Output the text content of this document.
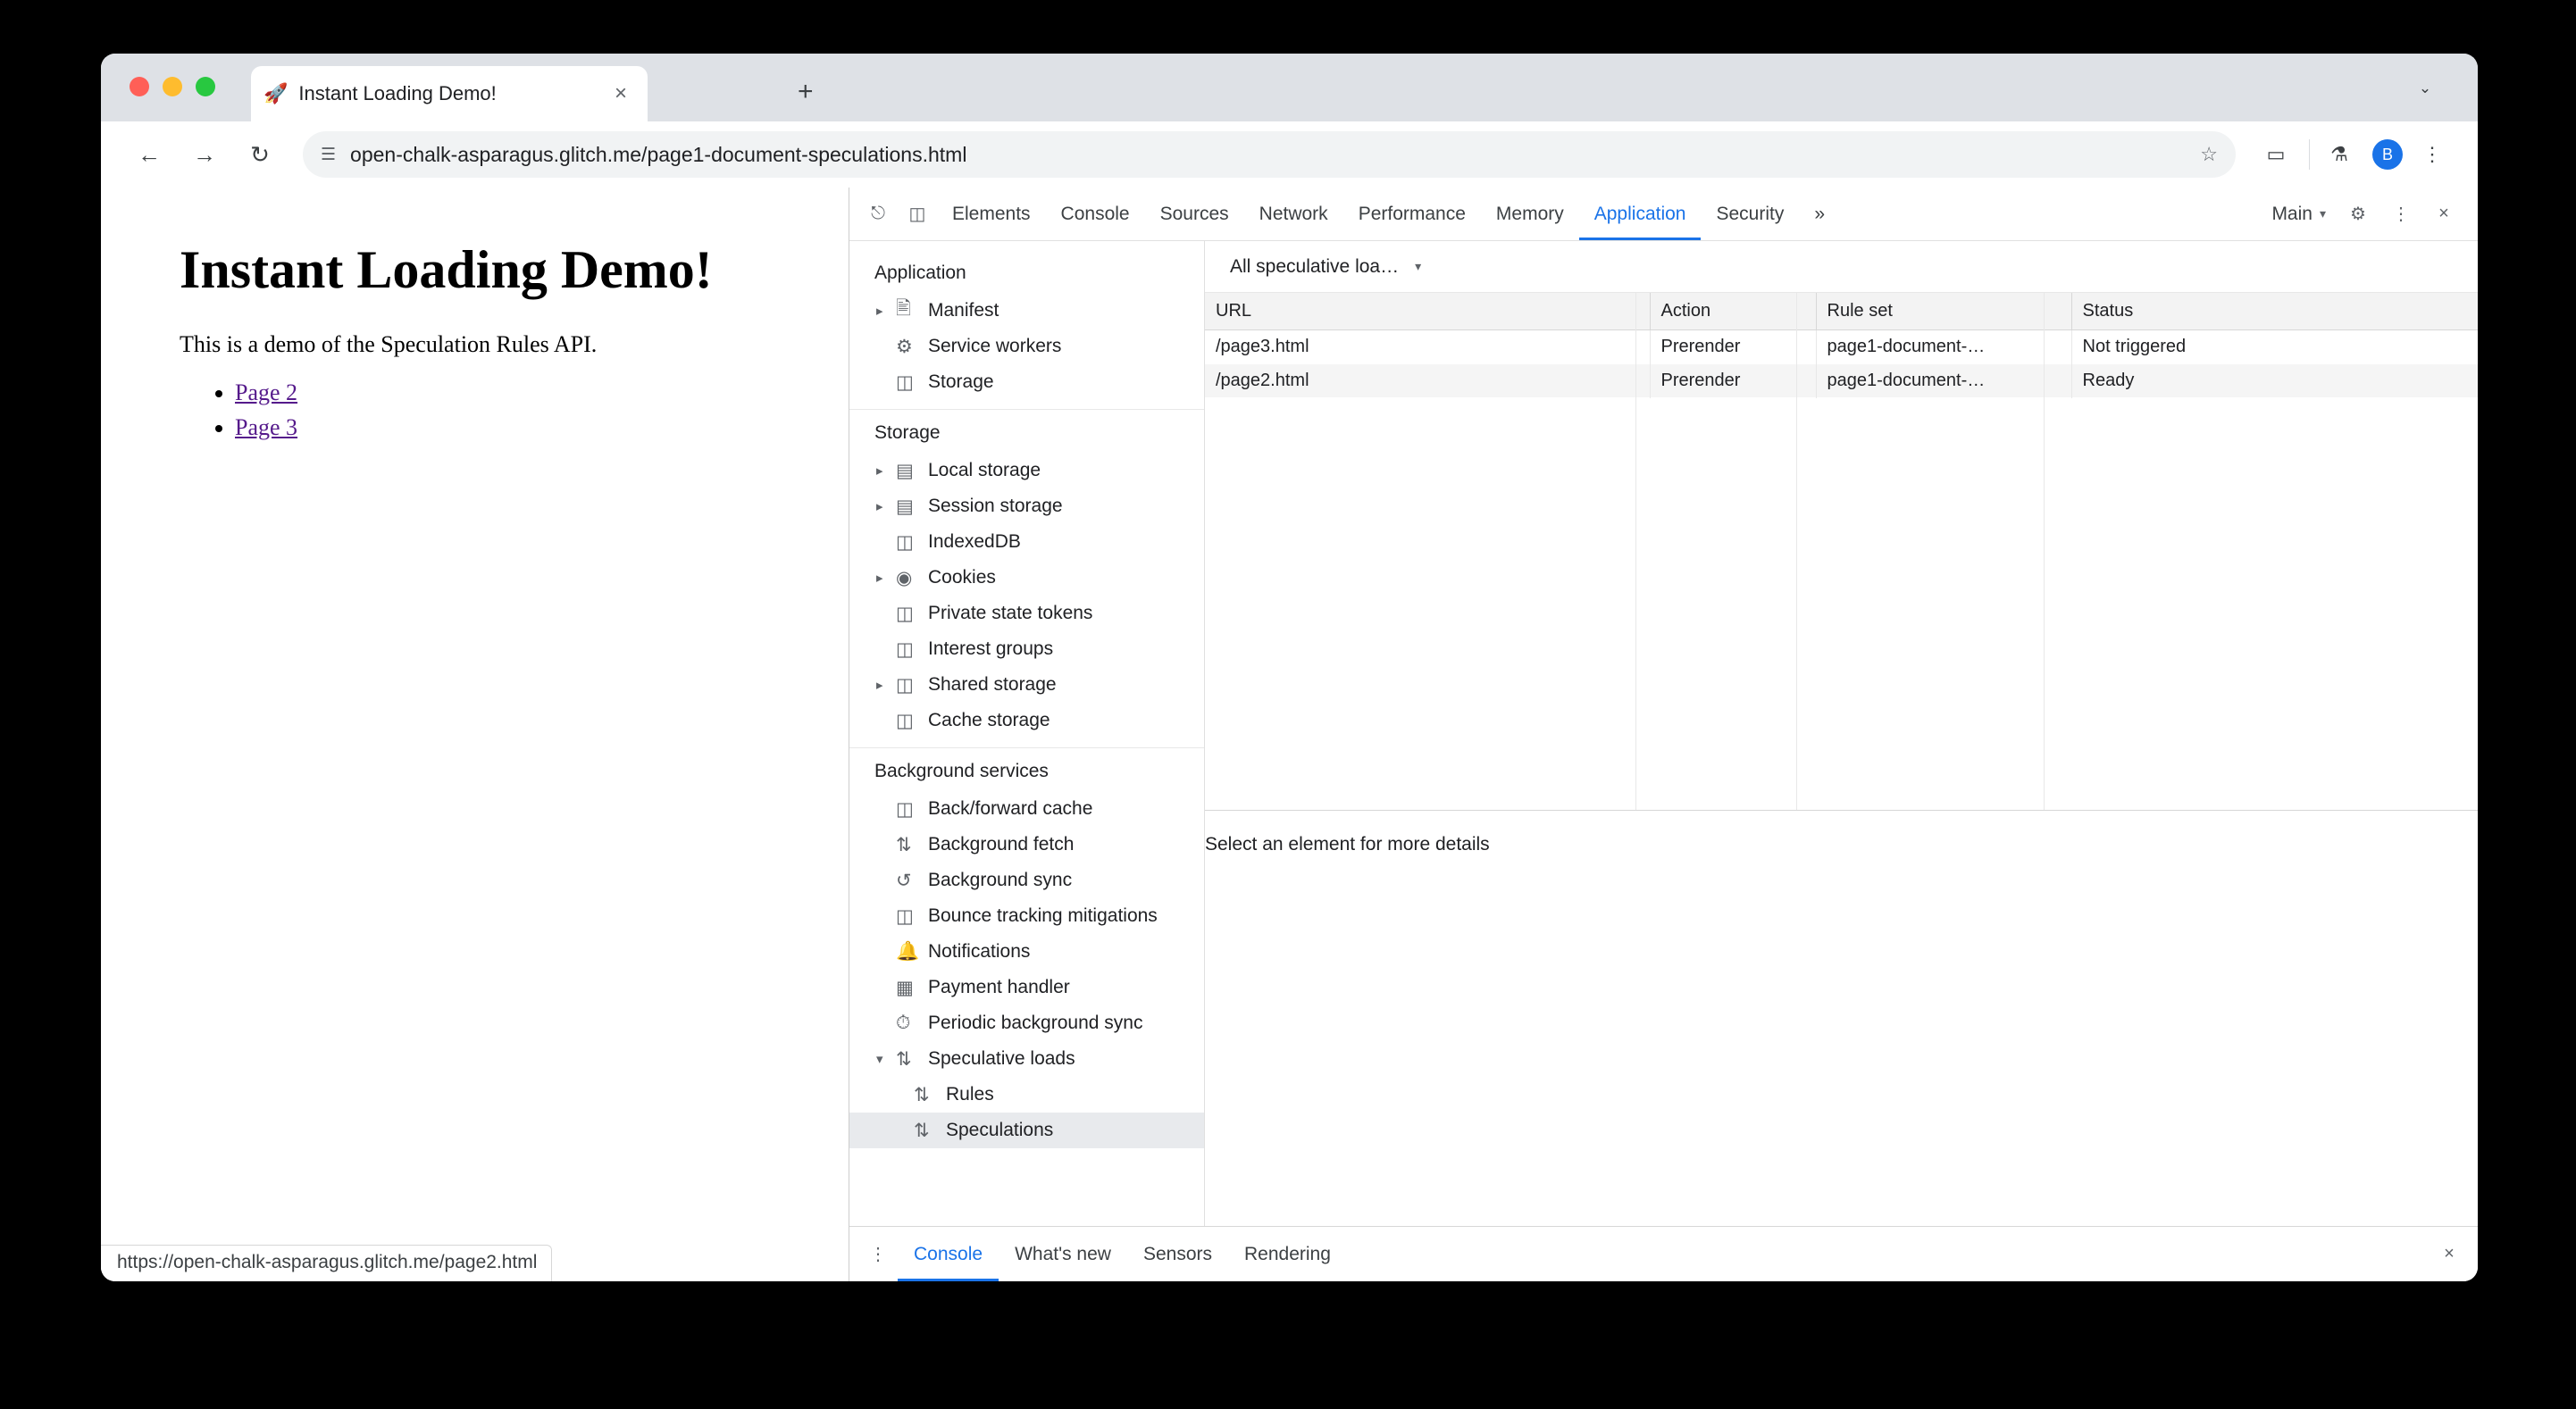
🚀 Instant Loading Demo!	×	+	⌄
←	→	↻	☰ open-chalk-asparagus.glitch.me/page1-document-speculations.html	☆	▭	⚗	B	⋮
Instant Loading Demo!

This is a demo of the Speculation Rules API.

• Page 2
• Page 3
https://open-chalk-asparagus.glitch.me/page2.html
⎋	◫	Elements	Console	Sources	Network	Performance	Memory	Application	Security	»	Main ▾	⚙	⋮	×
Application
▸ 🖹 Manifest
⚙ Service workers
◫ Storage
Storage
▸ ▤ Local storage
▸ ▤ Session storage
◫ IndexedDB
▸ ◉ Cookies
◫ Private state tokens
◫ Interest groups
▸ ◫ Shared storage
◫ Cache storage
Background services
◫ Back/forward cache
⇅ Background fetch
↺ Background sync
◫ Bounce tracking mitigations
🔔 Notifications
▦ Payment handler
⏱ Periodic background sync
▾ ⇅ Speculative loads
⇅ Rules
⇅ Speculations
All speculative loa… ▾
URL	Action	Rule set	Status
/page3.html	Prerender	page1-document-…	Not triggered
/page2.html	Prerender	page1-document-…	Ready
Select an element for more details
⋮	Console	What's new	Sensors	Rendering	×
